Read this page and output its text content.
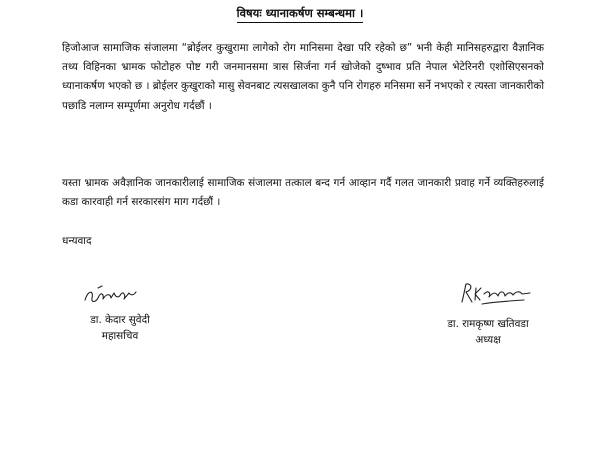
विषयः ध्यानाकर्षण सम्बन्धमा ।

हिजोआज सामाजिक संजालमा “ब्रोईलर कुखुरामा लागेको रोग मानिसमा देखा परि रहेको छ” भनी केही मानिसहरुद्वारा वैज्ञानिक तथ्य विहिनका भ्रामक फोटोहरु पोष्ट गरी जनमानसमा त्रास सिर्जना गर्न खोजेको दुष्भाव प्रति नेपाल भेटेरिनरी एशोसिएसनको ध्यानाकर्षण भएको छ । ब्रोईलर कुखुराको मासु सेवनबाट त्यसखालका कुनै पनि रोगहरु मनिसमा सर्ने नभएको र त्यस्ता जानकारीको पछाडि नलाग्न सम्पूर्णमा अनुरोध गर्दछौं ।

यस्ता भ्रामक अवैज्ञानिक जानकारीलाई सामाजिक संजालमा तत्काल बन्द गर्न आव्हान गर्दै गलत जानकारी प्रवाह गर्ने व्यक्तिहरुलाई कडा कारवाही गर्न सरकारसंग माग गर्दछौं ।

धन्यवाद

डा. केदार सुवेदी
महासचिव
डा. रामकृष्ण खतिवडा
अध्यक्ष
